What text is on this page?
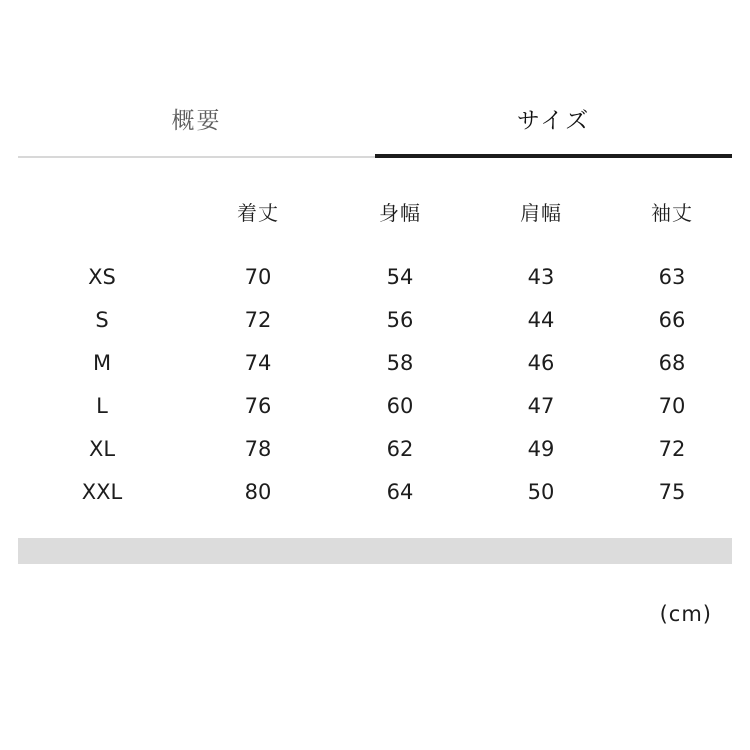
概要	サイズ
	着丈	身幅	肩幅	袖丈
XS	70	54	43	63
S	72	56	44	66
M	74	58	46	68
L	76	60	47	70
XL	78	62	49	72
XXL	80	64	50	75
(cm)
